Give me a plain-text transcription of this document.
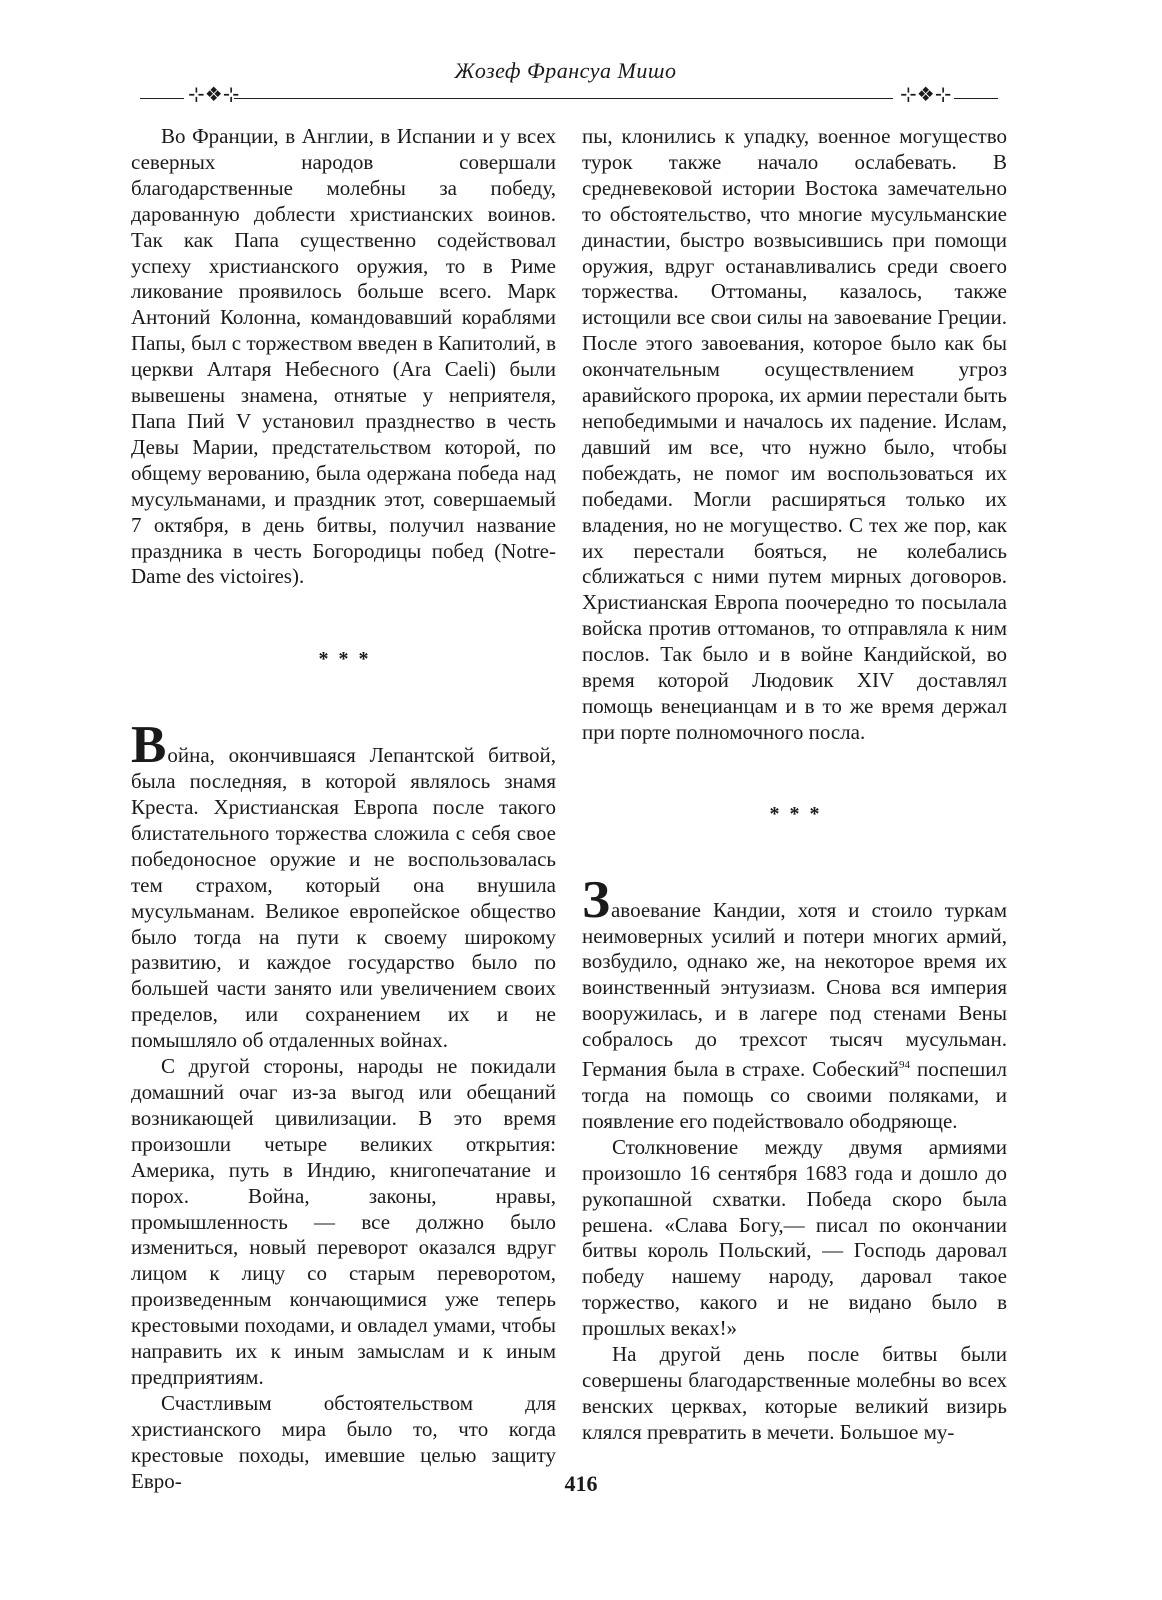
Жозеф Франсуа Мишо
⊹❖⊹	⊹❖⊹

Во Франции, в Англии, в Испании и у всех северных народов совершали благодарственные молебны за победу, дарованную доблести христианских воинов. Так как Папа существенно содействовал успеху христианского оружия, то в Риме ликование проявилось больше всего. Марк Антоний Колонна, командовавший кораблями Папы, был с торжеством введен в Капитолий, в церкви Алтаря Небесного (Ara Caeli) были вывешены знамена, отнятые у неприятеля, Папа Пий V установил празднество в честь Девы Марии, предстательством которой, по общему верованию, была одержана победа над мусульманами, и праздник этот, совершаемый 7 октября, в день битвы, получил название праздника в честь Богородицы побед (Notre-Dame des victoires).

***

Война, окончившаяся Лепантской битвой, была последняя, в которой являлось знамя Креста. Христианская Европа после такого блистательного торжества сложила с себя свое победоносное оружие и не воспользовалась тем страхом, который она внушила мусульманам. Великое европейское общество было тогда на пути к своему широкому развитию, и каждое государство было по большей части занято или увеличением своих пределов, или сохранением их и не помышляло об отдаленных войнах.

С другой стороны, народы не покидали домашний очаг из-за выгод или обещаний возникающей цивилизации. В это время произошли четыре великих открытия: Америка, путь в Индию, книгопечатание и порох. Война, законы, нравы, промышленность — все должно было измениться, новый переворот оказался вдруг лицом к лицу со старым переворотом, произведенным кончающимися уже теперь крестовыми походами, и овладел умами, чтобы направить их к иным замыслам и к иным предприятиям.

Счастливым обстоятельством для христианского мира было то, что когда крестовые походы, имевшие целью защиту Евро-

пы, клонились к упадку, военное могущество турок также начало ослабевать. В средневековой истории Востока замечательно то обстоятельство, что многие мусульманские династии, быстро возвысившись при помощи оружия, вдруг останавливались среди своего торжества. Оттоманы, казалось, также истощили все свои силы на завоевание Греции. После этого завоевания, которое было как бы окончательным осуществлением угроз аравийского пророка, их армии перестали быть непобедимыми и началось их падение. Ислам, давший им все, что нужно было, чтобы побеждать, не помог им воспользоваться их победами. Могли расширяться только их владения, но не могущество. С тех же пор, как их перестали бояться, не колебались сближаться с ними путем мирных договоров. Христианская Европа поочередно то посылала войска против оттоманов, то отправляла к ним послов. Так было и в войне Кандийской, во время которой Людовик XIV доставлял помощь венецианцам и в то же время держал при порте полномочного посла.

***

Завоевание Кандии, хотя и стоило туркам неимоверных усилий и потери многих армий, возбудило, однако же, на некоторое время их воинственный энтузиазм. Снова вся империя вооружилась, и в лагере под стенами Вены собралось до трехсот тысяч мусульман. Германия была в страхе. Собеский$^{94}$ поспешил тогда на помощь со своими поляками, и появление его подействовало ободряюще.

Столкновение между двумя армиями произошло 16 сентября 1683 года и дошло до рукопашной схватки. Победа скоро была решена. «Слава Богу,— писал по окончании битвы король Польский, — Господь даровал победу нашему народу, даровал такое торжество, какого и не видано было в прошлых веках!»

На другой день после битвы были совершены благодарственные молебны во всех венских церквах, которые великий визирь клялся превратить в мечети. Большое му-

416
